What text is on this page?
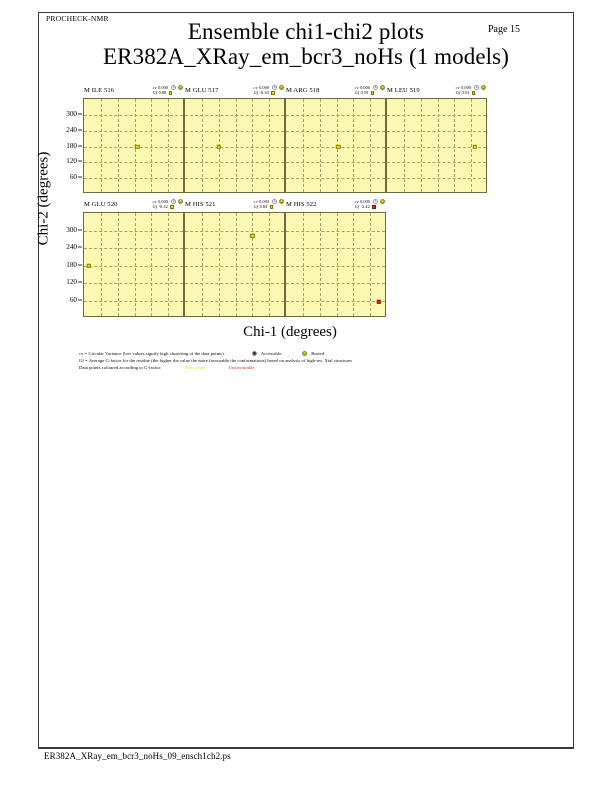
PROCHECK-NMR
Page 15
Ensemble chi1-chi2 plots
ER382A_XRay_em_bcr3_noHs (1 models)
Chi-2 (degrees)
Chi-1 (degrees)
300
240
180
120
60
300
240
180
120
60
M ILE 516	cv 0.000
Gf 0.88	M GLU 517	cv 0.000
Gf -0.30	M ARG 518	cv 0.000
Gf 0.59	M LEU 519	cv 0.000
Gf 0.53
M GLU 520	cv 0.000
Gf -0.32	M HIS 521	cv 0.000
Gf 0.84	M HIS 522	cv 0.000
Gf -2.42
cv = Circular Variance (low values signify high clustering of the data points).	Accessible	Buried
Gf = Average G-factor for the residue (the higher the value the more favourable the conformations) based on analysis of high-res. Xtal structures
Data points coloured according to G-factor:	Favourable	Unfavourable
ER382A_XRay_em_bcr3_noHs_09_ensch1ch2.ps
